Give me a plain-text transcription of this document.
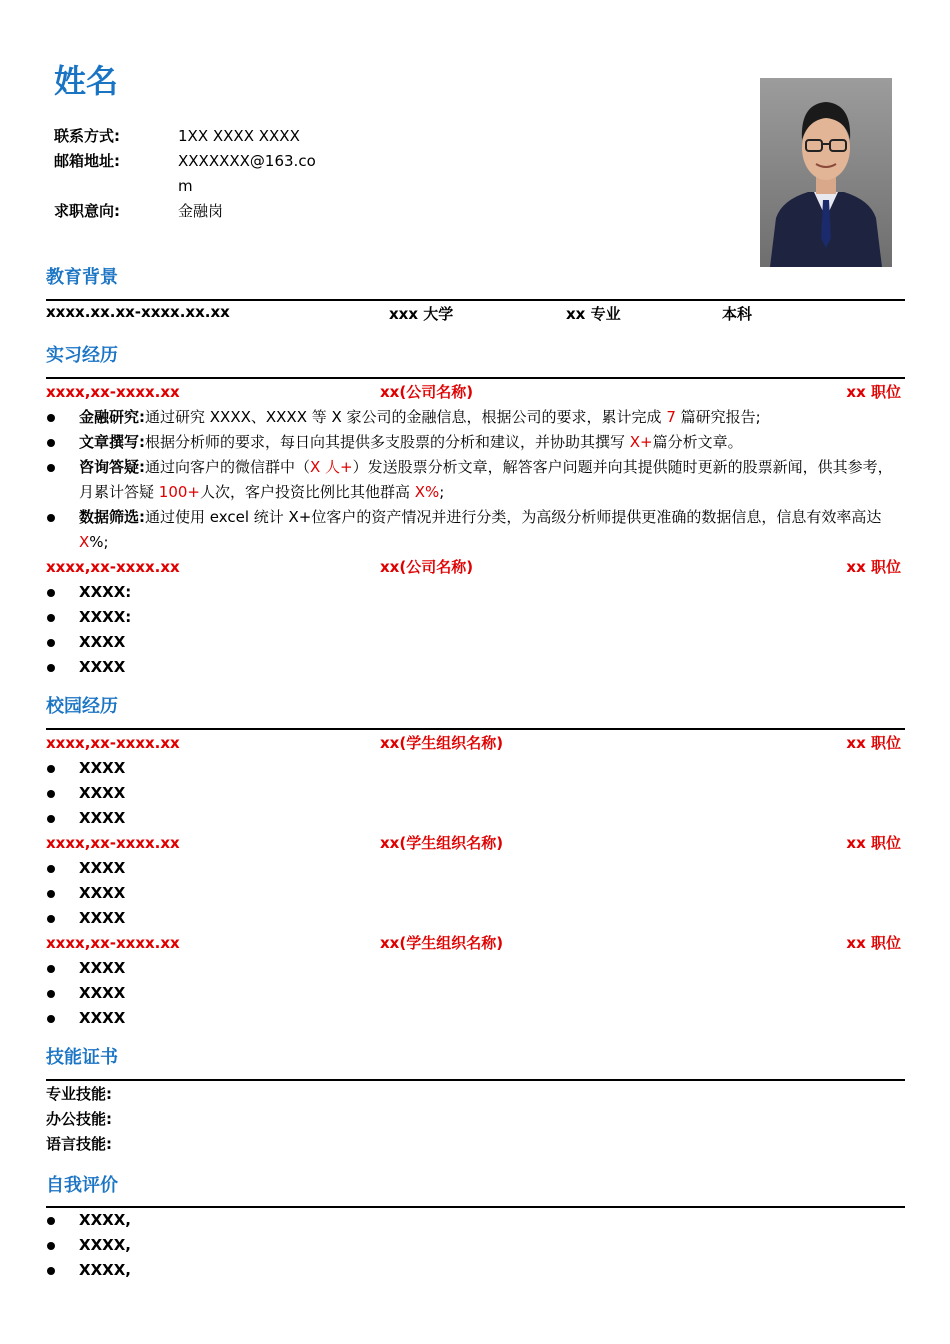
姓名
联系方式:	1XX XXXX XXXX
邮箱地址:	XXXXXXX@163.com
求职意向:	金融岗
教育背景
xxxx.xx.xx-xxxx.xx.xx	xxx 大学	xx 专业	本科
实习经历
xxxx,xx-xxxx.xx	xx(公司名称)	xx 职位
金融研究:通过研究 XXXX、XXXX 等 X 家公司的金融信息，根据公司的要求，累计完成 7 篇研究报告;
文章撰写:根据分析师的要求，每日向其提供多支股票的分析和建议，并协助其撰写 X+篇分析文章。
咨询答疑:通过向客户的微信群中（X 人+）发送股票分析文章，解答客户问题并向其提供随时更新的股票新闻，供其参考，月累计答疑 100+人次，客户投资比例比其他群高 X%;
数据筛选:通过使用 excel 统计 X+位客户的资产情况并进行分类，为高级分析师提供更准确的数据信息，信息有效率高达 X%;
xxxx,xx-xxxx.xx	xx(公司名称)	xx 职位
XXXX:
XXXX:
XXXX
XXXX
校园经历
xxxx,xx-xxxx.xx	xx(学生组织名称)	xx 职位
XXXX
XXXX
XXXX
xxxx,xx-xxxx.xx	xx(学生组织名称)	xx 职位
XXXX
XXXX
XXXX
xxxx,xx-xxxx.xx	xx(学生组织名称)	xx 职位
XXXX
XXXX
XXXX
技能证书
专业技能:
办公技能:
语言技能:
自我评价
XXXX,
XXXX,
XXXX,
